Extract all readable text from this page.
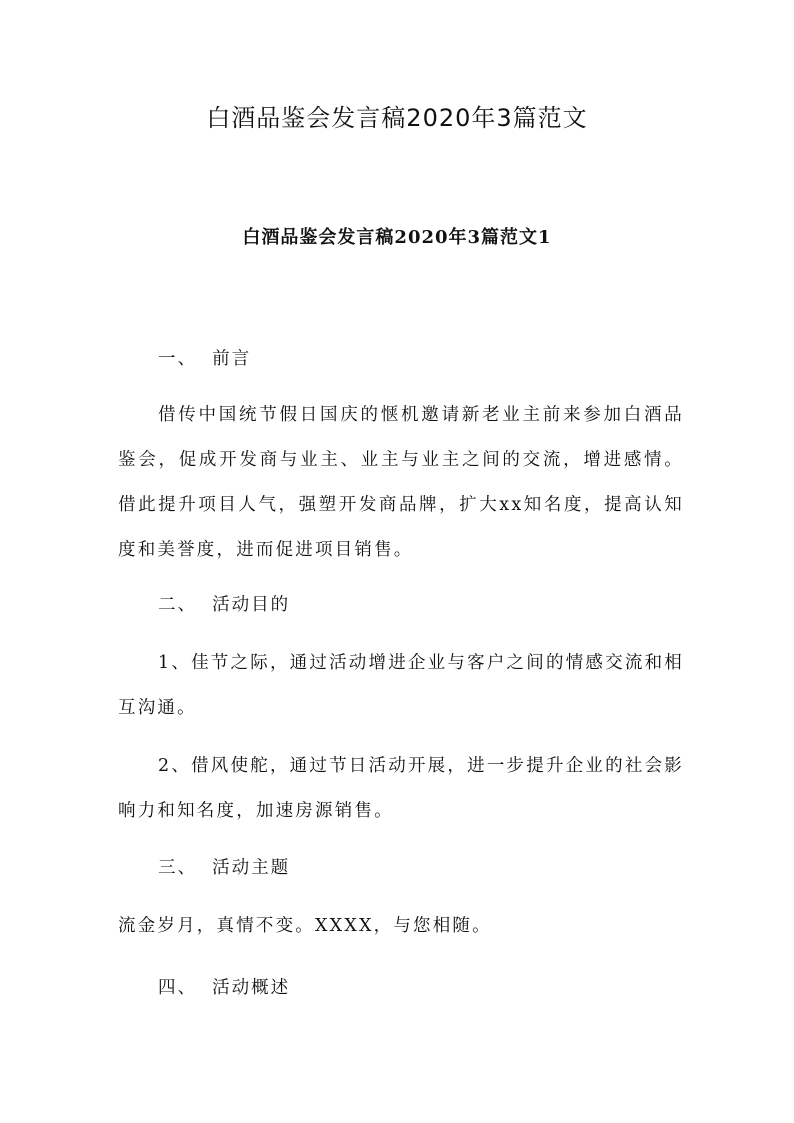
白酒品鉴会发言稿2020年3篇范文
白酒品鉴会发言稿2020年3篇范文1
一、  前言

借传中国统节假日国庆的惬机邀请新老业主前来参加白酒品鉴会，促成开发商与业主、业主与业主之间的交流，增进感情。借此提升项目人气，强塑开发商品牌，扩大xx知名度，提高认知度和美誉度，进而促进项目销售。

二、  活动目的

1、佳节之际，通过活动增进企业与客户之间的情感交流和相互沟通。

2、借风使舵，通过节日活动开展，进一步提升企业的社会影响力和知名度，加速房源销售。

三、  活动主题

流金岁月，真情不变。XXXX，与您相随。

四、  活动概述
